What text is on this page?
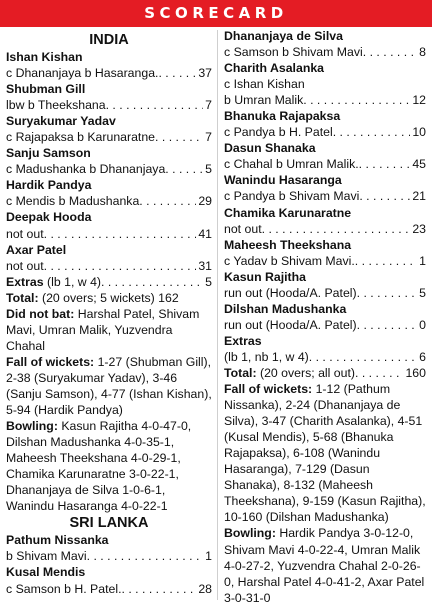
SCORECARD
INDIA
Ishan Kishan
c Dhananjaya b Hasaranga. . . .	37
Shubman Gill
lbw b Theekshana . . .	7
Suryakumar Yadav
c Rajapaksa b Karunaratne . . .	7
Sanju Samson
c Madushanka b Dhananjaya . . .	5
Hardik Pandya
c Mendis b Madushanka . . .	29
Deepak Hooda
not out . . .	41
Axar Patel
not out . . .	31
Extras (lb 1, w 4) . . .	5
Total: (20 overs; 5 wickets) 162
Did not bat: Harshal Patel, Shivam Mavi, Umran Malik, Yuzvendra Chahal
Fall of wickets: 1-27 (Shubman Gill), 2-38 (Suryakumar Yadav), 3-46 (Sanju Samson), 4-77 (Ishan Kishan), 5-94 (Hardik Pandya)
Bowling: Kasun Rajitha 4-0-47-0, Dilshan Madushanka 4-0-35-1, Maheesh Theekshana 4-0-29-1, Chamika Karunaratne 3-0-22-1, Dhananjaya de Silva 1-0-6-1, Wanindu Hasaranga 4-0-22-1
SRI LANKA
Pathum Nissanka
b Shivam Mavi . . .	1
Kusal Mendis
c Samson b H. Patel. . . .	28
Dhananjaya de Silva
c Samson b Shivam Mavi . . .	8
Charith Asalanka
c Ishan Kishan
b Umran Malik . . .	12
Bhanuka Rajapaksa
c Pandya b H. Patel . . .	10
Dasun Shanaka
c Chahal b Umran Malik. . . .	45
Wanindu Hasaranga
c Pandya b Shivam Mavi . . .	21
Chamika Karunaratne
not out . . .	23
Maheesh Theekshana
c Yadav b Shivam Mavi. . . .	1
Kasun Rajitha
run out (Hooda/A. Patel) . . .	5
Dilshan Madushanka
run out (Hooda/A. Patel) . . .	0
Extras
(lb 1, nb 1, w 4) . . .	6
Total: (20 overs; all out) . . .	160
Fall of wickets: 1-12 (Pathum Nissanka), 2-24 (Dhananjaya de Silva), 3-47 (Charith Asalanka), 4-51 (Kusal Mendis), 5-68 (Bhanuka Rajapaksa), 6-108 (Wanindu Hasaranga), 7-129 (Dasun Shanaka), 8-132 (Maheesh Theekshana), 9-159 (Kasun Rajitha), 10-160 (Dilshan Madushanka)
Bowling: Hardik Pandya 3-0-12-0, Shivam Mavi 4-0-22-4, Umran Malik 4-0-27-2, Yuzvendra Chahal 2-0-26-0, Harshal Patel 4-0-41-2, Axar Patel 3-0-31-0
